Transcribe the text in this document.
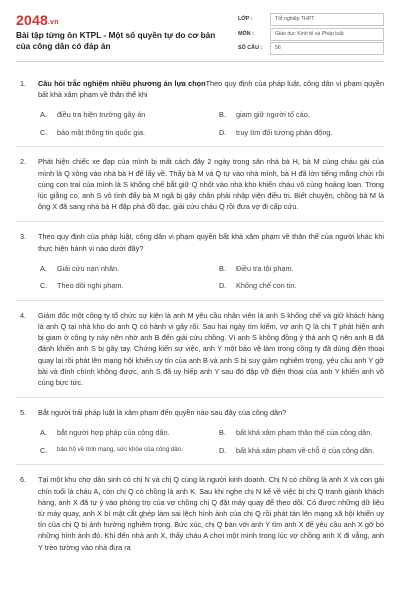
2048.vn
Bài tập từng ôn KTPL - Một số quyền tự do cơ bản của công dân có đáp án
LỚP :	Tốt nghiệp THPT
MÔN :	Giáo dục Kinh tế và Pháp luật
SỐ CÂU :	56
1. Câu hỏi trắc nghiệm nhiều phương án lựa chọnTheo quy định của pháp luật, công dân vi phạm quyền bất khả xâm phạm về thân thể khi
A.	điều tra hiện trường gây án	B.	giam giữ người tố cáo.
C.	bảo mật thông tin quốc gia.	D.	truy tìm đối tượng phản động.
2. Phát hiện chiếc xe đạp của mình bị mất cách đây 2 ngày trong sân nhà bà H, bà M cùng cháu gái của mình là Q xông vào nhà bà H để lấy về. Thấy bà M và Q tự vào nhà mình, bà H đã lớn tiếng mắng chửi rồi cùng con trai của mình là S khống chế bắt giữ Q nhốt vào nhà kho khiến cháu vô cùng hoảng loạn. Trong lúc giằng co, anh S vô tình đẩy bà M ngã bị gãy chân phải nhập viện điều trị. Biết chuyện, chồng bà M là ông X đã sang nhà bà H đập phá đồ đạc, giải cứu cháu Q rồi đưa vợ đi cấp cứu.
3. Theo quy định của pháp luật, công dân vi phạm quyền bất khả xâm phạm về thân thể của người khác khi thực hiện hành vi nào dưới đây?
A.	Giải cứu nạn nhân.	B.	Điều tra tội phạm.
C.	Theo dõi nghi phạm.	D.	Khống chế con tin.
4. Giám đốc một công ty tổ chức sự kiện là anh M yêu cầu nhân viên là anh S khống chế và giữ khách hàng là anh Q tại nhà kho do anh Q có hành vi gây rối. Sau hai ngày tìm kiếm, vợ anh Q là chị T phát hiện anh bị giam ở công ty này nên nhờ anh B đến giải cứu chồng. Vì anh S không đồng ý thả anh Q nên anh B đã đánh khiến anh S bị gãy tay. Chứng kiến sự việc, anh Y một bảo vệ làm trong công ty đã dùng điện thoại quay lại rồi phát lên mạng hội khiến uy tín của anh B và anh S bị suy giảm nghiêm trọng, yêu cầu anh Y gỡ bài và đính chính không được, anh S đã uy hiếp anh Y sau đó đập vỡ điện thoại của anh Y khiến anh vô cùng bực tức.
5. Bắt người trái pháp luật là xâm phạm đến quyền nào sau đây của công dân?
A.	bắt người hợp pháp của công dân.	B.	bất khả xâm phạm thân thể của công dân.
C.	bảo hộ về tính mạng, sức khỏe của công dân.	D.	bất khả xâm phạm về chỗ ở của công dân.
6. Tại một khu chợ dân sinh có chị N và chị Q cùng là người kinh doanh. Chị N có chồng là anh X và con gái chín tuổi là cháu A, còn chị Q có chồng là anh K. Sau khi nghe chị N kể về việc bị chị Q tranh giành khách hàng, anh X đã tự ý vào phòng trọ của vợ chồng chị Q đặt máy quay để theo dõi. Có được những dữ liệu từ máy quay, anh X bí mật cắt ghép làm sai lệch hình ảnh của chị Q rồi phát tán lên mạng xã hội khiến uy tín của chị Q bị ảnh hưởng nghiêm trọng. Bức xúc, chị Q bàn với anh Y tìm anh X để yêu cầu anh X gỡ bỏ những hình ảnh đó. Khi đến nhà anh X, thấy cháu A chơi một mình trong lúc vợ chồng anh X đi vắng, anh Y trèo tường vào nhà đưa ra
